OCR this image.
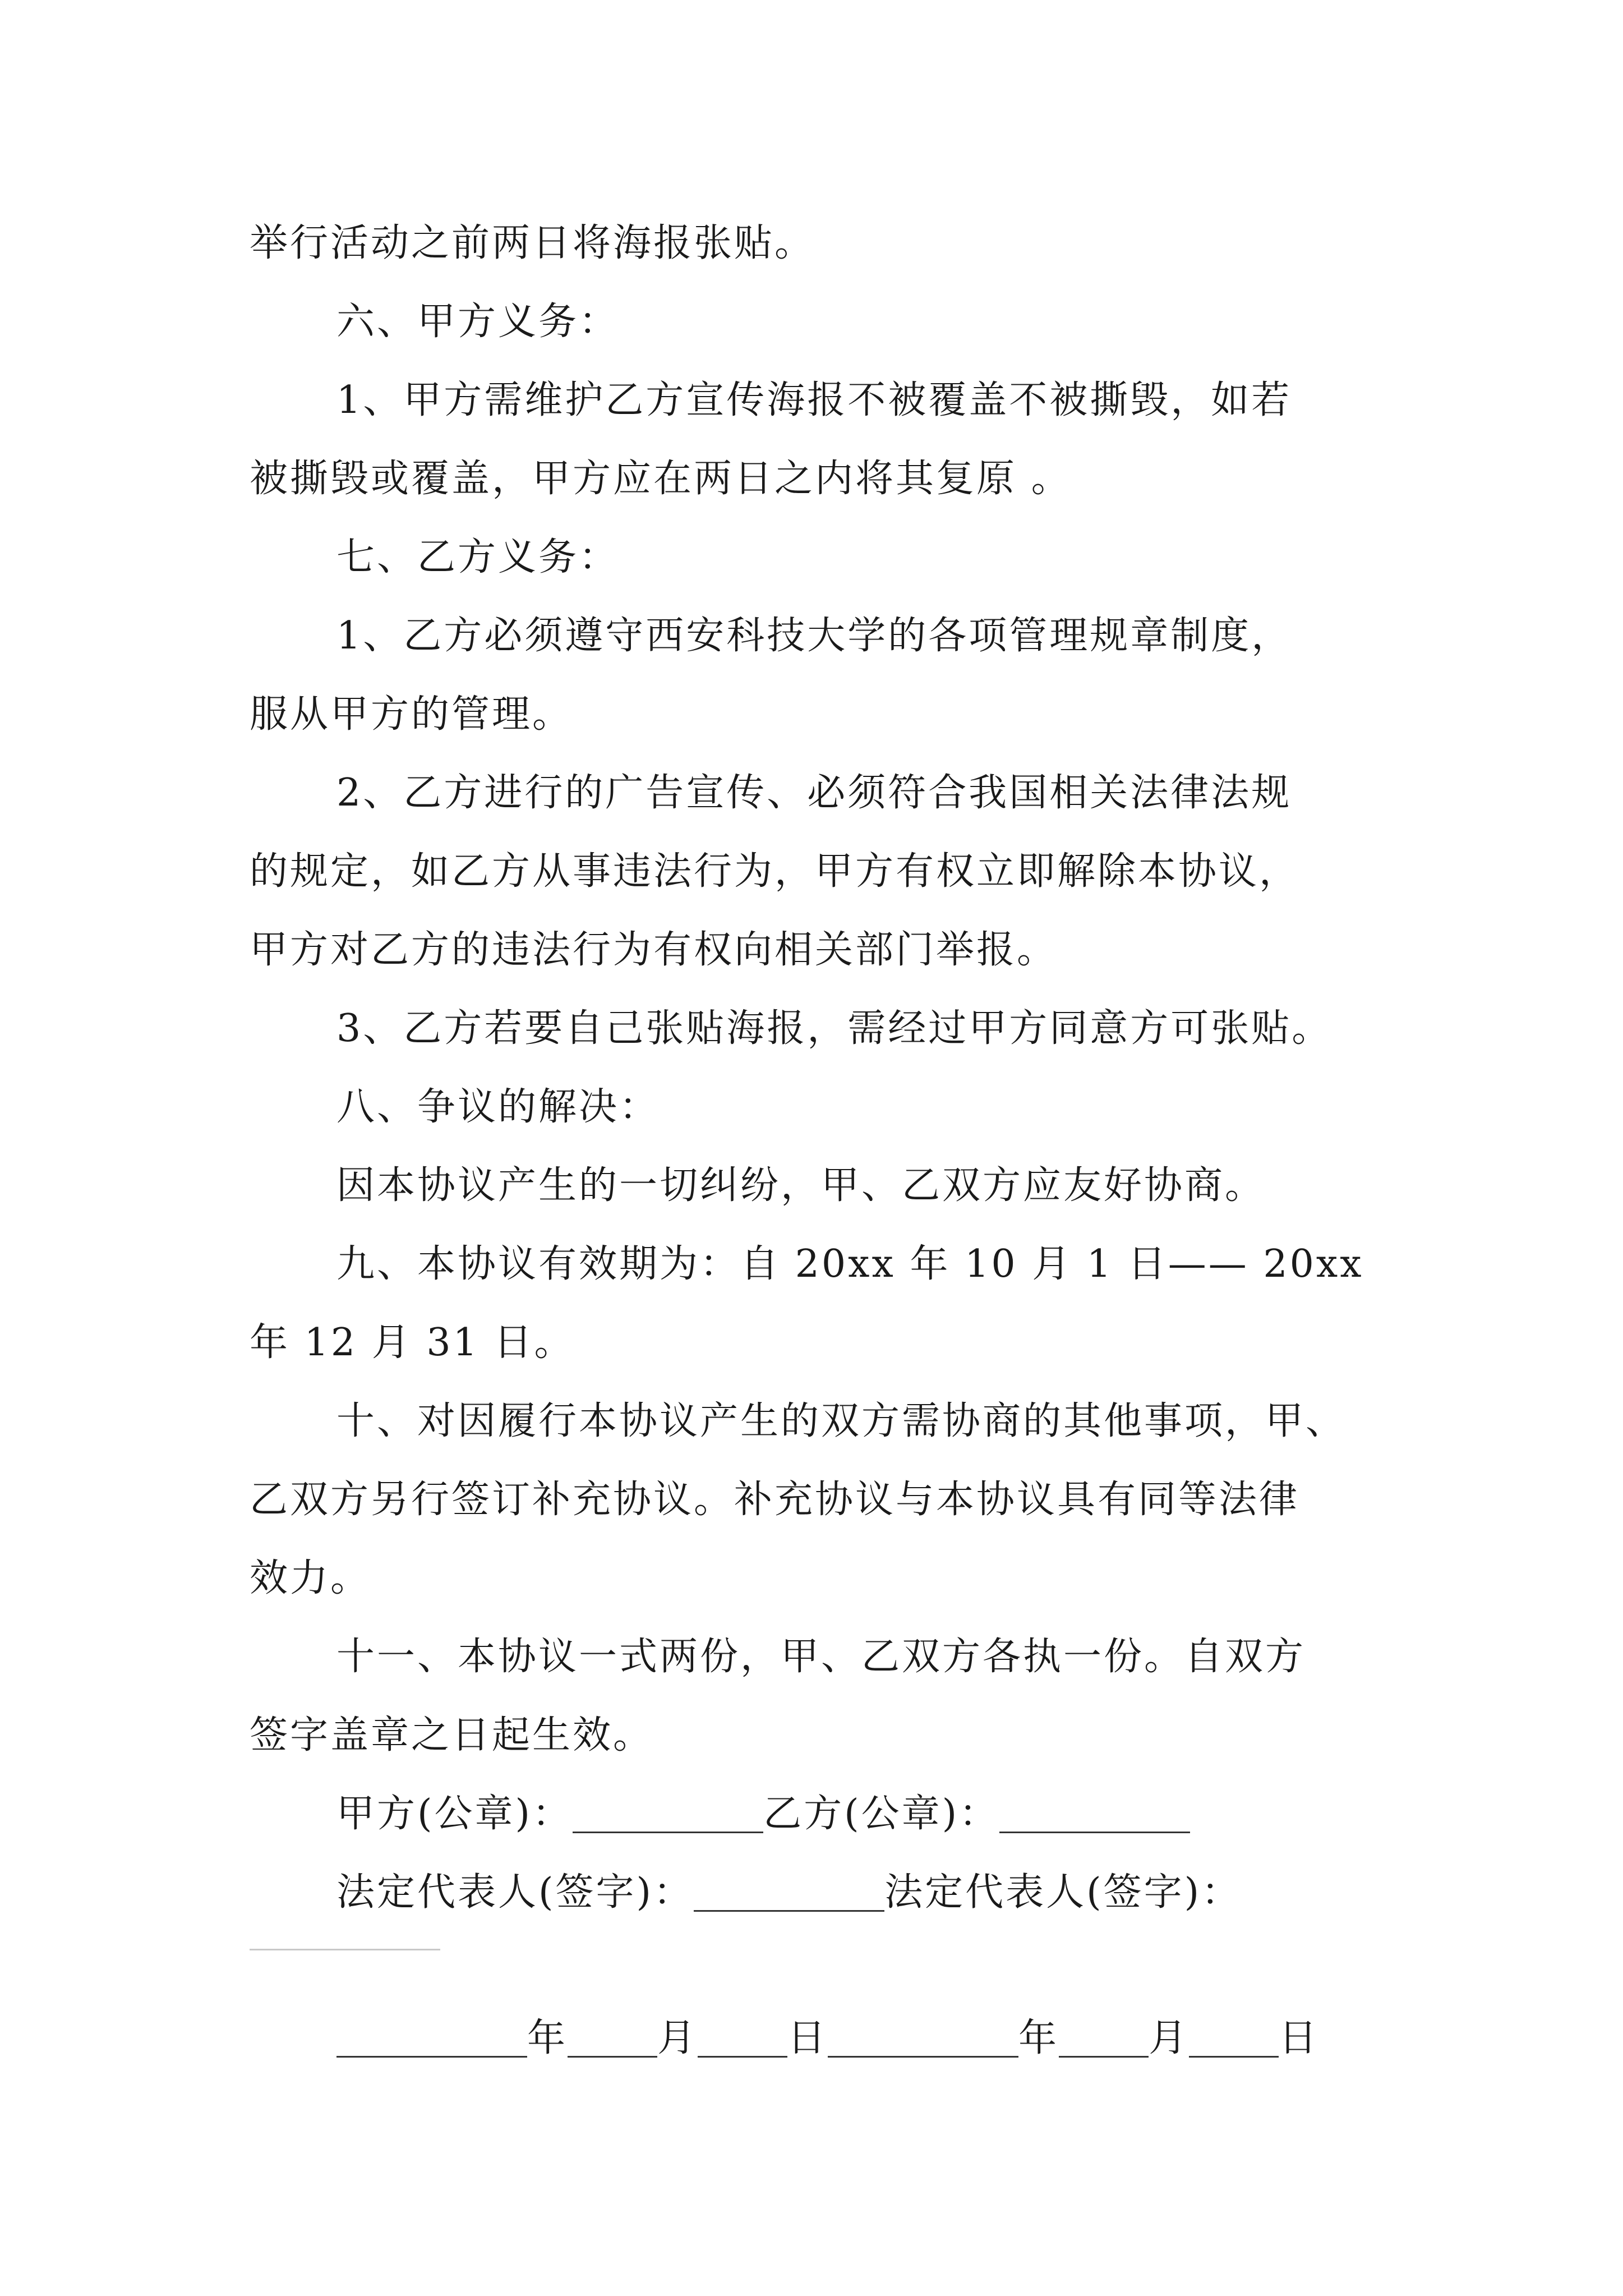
举行活动之前两日将海报张贴。
六、甲方义务：
1、甲方需维护乙方宣传海报不被覆盖不被撕毁，如若
被撕毁或覆盖，甲方应在两日之内将其复原 。
七、乙方义务：
1、乙方必须遵守西安科技大学的各项管理规章制度，
服从甲方的管理。
2、乙方进行的广告宣传、必须符合我国相关法律法规
的规定，如乙方从事违法行为，甲方有权立即解除本协议，
甲方对乙方的违法行为有权向相关部门举报。
3、乙方若要自己张贴海报，需经过甲方同意方可张贴。
八、争议的解决：
因本协议产生的一切纠纷，甲、乙双方应友好协商。
九、本协议有效期为：自 20xx 年 10 月 1 日—— 20xx
年 12 月 31 日。
十、对因履行本协议产生的双方需协商的其他事项，甲、
乙双方另行签订补充协议。补充协议与本协议具有同等法律
效力。
十一、本协议一式两份，甲、乙双方各执一份。自双方
签字盖章之日起生效。
甲方(公章)：	乙方(公章)：
法定代表人(签字)：	法定代表人(签字)：
年 月 日	年 月 日
